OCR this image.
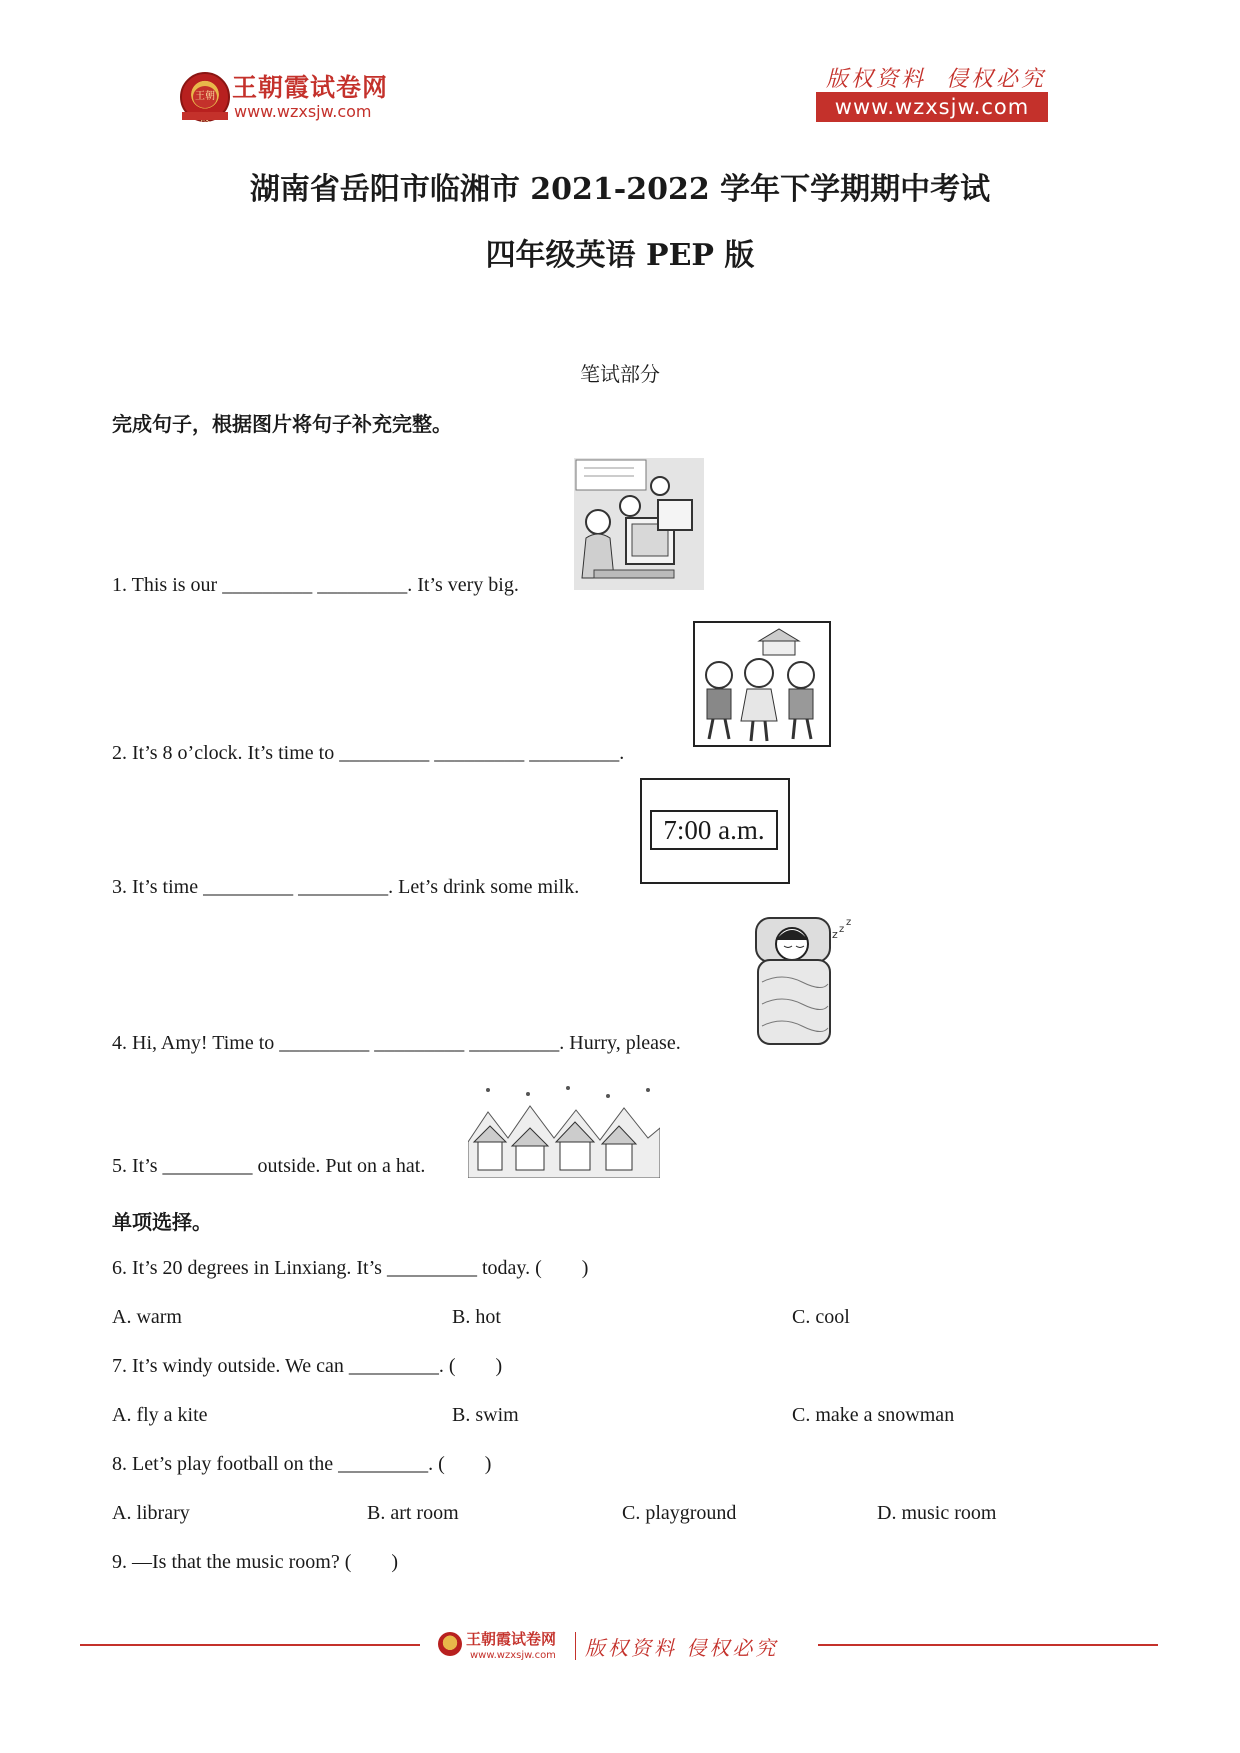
王朝 王朝霞试卷网
www.wzxsjw.com
版权资料  侵权必究
www.wzxsjw.com
湖南省岳阳市临湘市 2021-2022 学年下学期期中考试
四年级英语 PEP 版
笔试部分
完成句子，根据图片将句子补充完整。
1. This is our _________ _________. It’s very big.
2. It’s 8 o’clock. It’s time to _________ _________ _________.
3. It’s time _________ _________. Let’s drink some milk.
7:00 a.m.
4. Hi, Amy! Time to _________ _________ _________. Hurry, please.
z z
z
5. It’s _________ outside. Put on a hat.
单项选择。
6. It’s 20 degrees in Linxiang. It’s _________ today. (        )
A. warm	B. hot	C. cool
7. It’s windy outside. We can _________. (        )
A. fly a kite	B. swim	C. make a snowman
8. Let’s play football on the _________. (        )
A. library	B. art room	C. playground	D. music room
9. —Is that the music room? (        )
王朝霞试卷网
www.wzxsjw.com 版权资料 侵权必究
